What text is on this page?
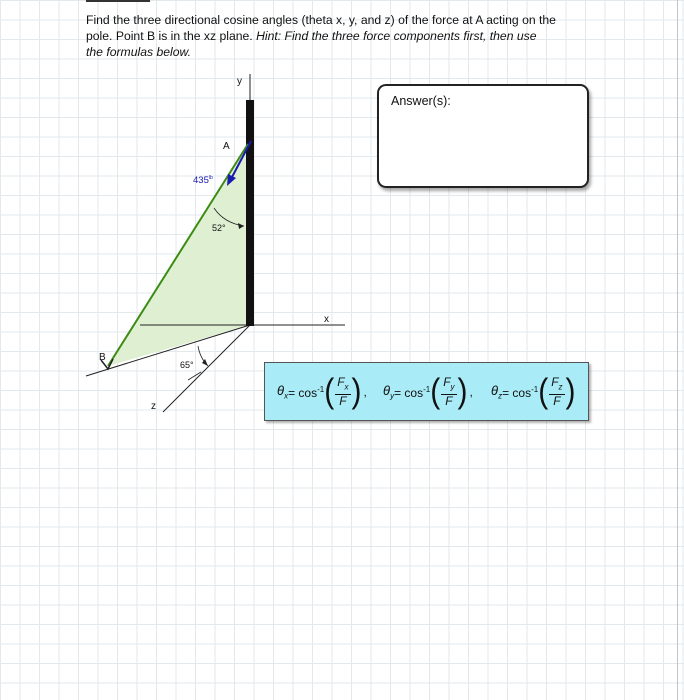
Find the three directional cosine angles (theta x, y, and z) of the force at A acting on the
pole. Point B is in the xz plane. Hint: Find the three force components first, then use
the formulas below.
y
x
z
A
B
$435^{lb}$
52°
65°
Answer(s):
$\theta_x = \cos^{-1}$ ( $\frac{F_x}{F}$ ) , $\theta_y = \cos^{-1}$ ( $\frac{F_y}{F}$ ) , $\theta_z = \cos^{-1}$ ( $\frac{F_z}{F}$ )
